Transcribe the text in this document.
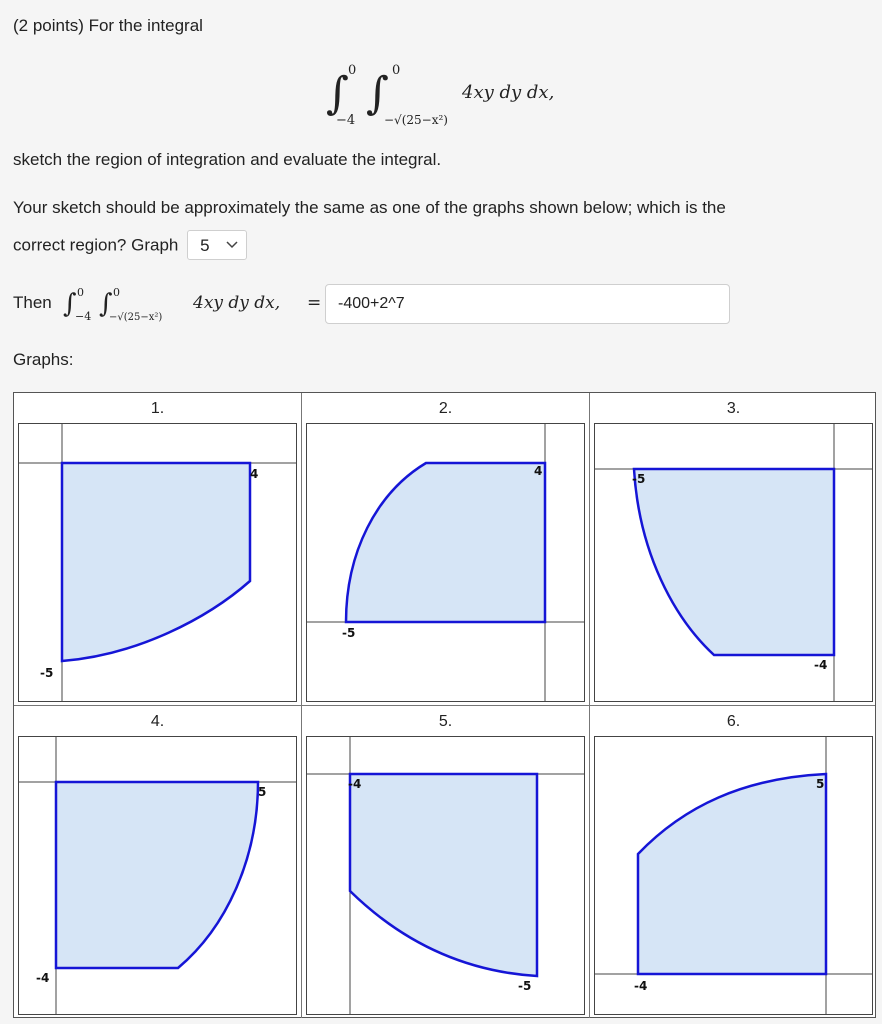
(2 points) For the integral
∫ 0
−4
∫ 0
−√(25−x²)
4xy dy dx,
sketch the region of integration and evaluate the integral.
Your sketch should be approximately the same as one of the graphs shown below; which is the
correct region? Graph 5
Then ∫ 0
−4 ∫ 0
−√(25−x²)
4xy dy dx, =
-400+2^7
Graphs:
1.
4
-5
2.
4
-5
3.
-5
-4
4.
5
-4
5.
-4
-5
6.
5
-4
